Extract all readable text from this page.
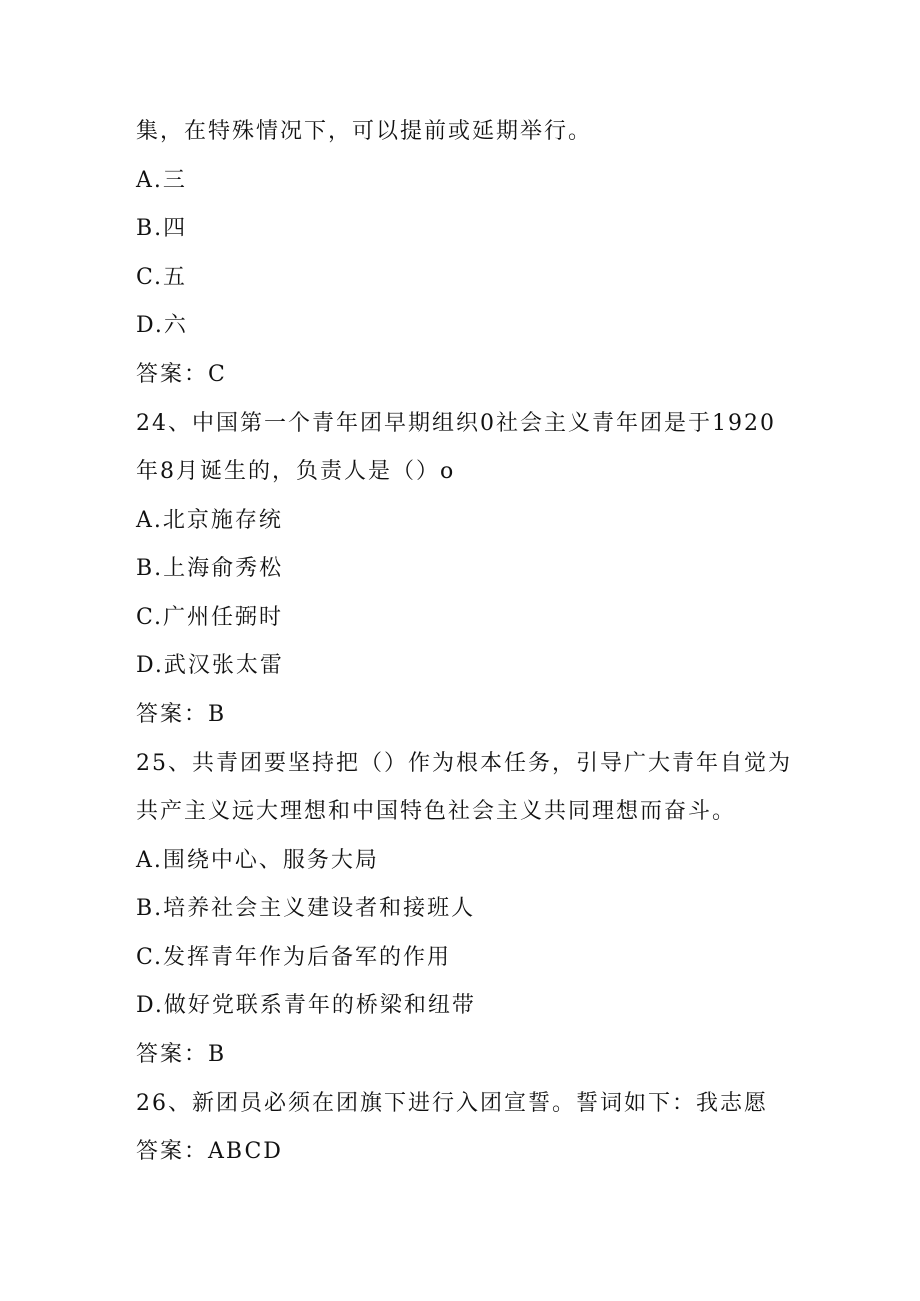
集，在特殊情况下，可以提前或延期举行。
A.三
B.四
C.五
D.六
答案：C
24、中国第一个青年团早期组织0社会主义青年团是于1920
年8月诞生的，负责人是（）o
A.北京施存统
B.上海俞秀松
C.广州任弼时
D.武汉张太雷
答案：B
25、共青团要坚持把（）作为根本任务，引导广大青年自觉为
共产主义远大理想和中国特色社会主义共同理想而奋斗。
A.围绕中心、服务大局
B.培养社会主义建设者和接班人
C.发挥青年作为后备军的作用
D.做好党联系青年的桥梁和纽带
答案：B
26、新团员必须在团旗下进行入团宣誓。誓词如下：我志愿
答案：ABCD
